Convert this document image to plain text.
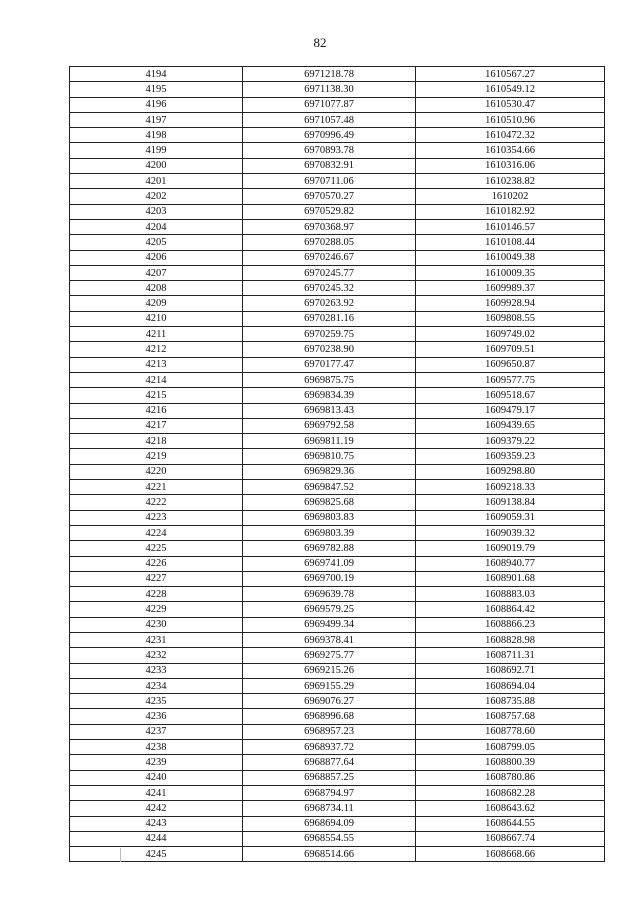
82
4194	6971218.78	1610567.27
4195	6971138.30	1610549.12
4196	6971077.87	1610530.47
4197	6971057.48	1610510.96
4198	6970996.49	1610472.32
4199	6970893.78	1610354.66
4200	6970832.91	1610316.06
4201	6970711.06	1610238.82
4202	6970570.27	1610202
4203	6970529.82	1610182.92
4204	6970368.97	1610146.57
4205	6970288.05	1610108.44
4206	6970246.67	1610049.38
4207	6970245.77	1610009.35
4208	6970245.32	1609989.37
4209	6970263.92	1609928.94
4210	6970281.16	1609808.55
4211	6970259.75	1609749.02
4212	6970238.90	1609709.51
4213	6970177.47	1609650.87
4214	6969875.75	1609577.75
4215	6969834.39	1609518.67
4216	6969813.43	1609479.17
4217	6969792.58	1609439.65
4218	6969811.19	1609379.22
4219	6969810.75	1609359.23
4220	6969829.36	1609298.80
4221	6969847.52	1609218.33
4222	6969825.68	1609138.84
4223	6969803.83	1609059.31
4224	6969803.39	1609039.32
4225	6969782.88	1609019.79
4226	6969741.09	1608940.77
4227	6969700.19	1608901.68
4228	6969639.78	1608883.03
4229	6969579.25	1608864.42
4230	6969499.34	1608866.23
4231	6969378.41	1608828.98
4232	6969275.77	1608711.31
4233	6969215.26	1608692.71
4234	6969155.29	1608694.04
4235	6969076.27	1608735.88
4236	6968996.68	1608757.68
4237	6968957.23	1608778.60
4238	6968937.72	1608799.05
4239	6968877.64	1608800.39
4240	6968857.25	1608780.86
4241	6968794.97	1608682.28
4242	6968734.11	1608643.62
4243	6968694.09	1608644.55
4244	6968554.55	1608667.74
4245	6968514.66	1608668.66
